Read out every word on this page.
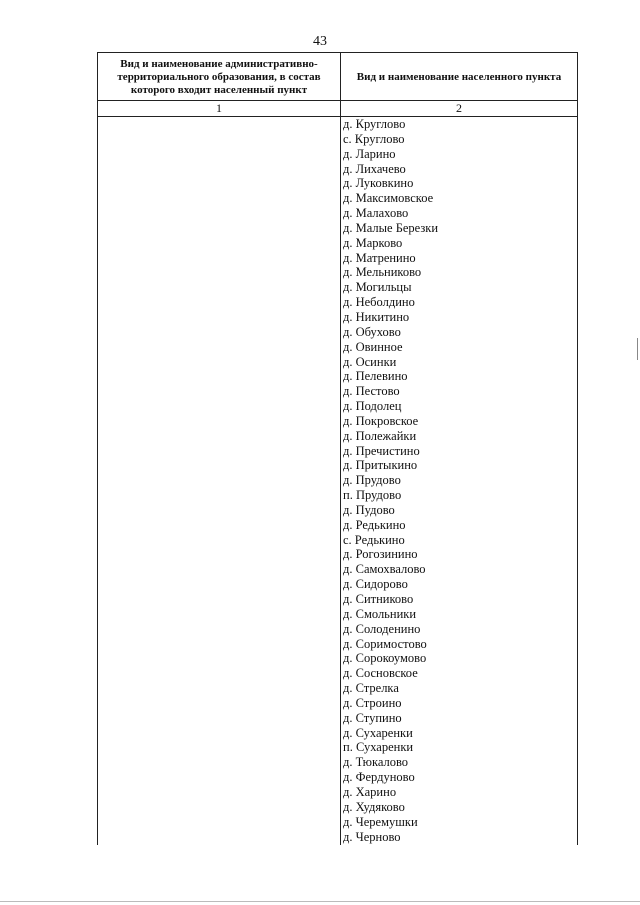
43
Вид и наименование административно-территориального образования, в состав которого входит населенный пункт
Вид и наименование населенного пункта
1	2
д. Круглово
с. Круглово
д. Ларино
д. Лихачево
д. Луковкино
д. Максимовское
д. Малахово
д. Малые Березки
д. Марково
д. Матренино
д. Мельниково
д. Могильцы
д. Неболдино
д. Никитино
д. Обухово
д. Овинное
д. Осинки
д. Пелевино
д. Пестово
д. Подолец
д. Покровское
д. Полежайки
д. Пречистино
д. Притыкино
д. Прудово
п. Прудово
д. Пудово
д. Редькино
с. Редькино
д. Рогозинино
д. Самохвалово
д. Сидорово
д. Ситниково
д. Смольники
д. Солоденино
д. Соримостово
д. Сорокоумово
д. Сосновское
д. Стрелка
д. Строино
д. Ступино
д. Сухаренки
п. Сухаренки
д. Тюкалово
д. Фердуново
д. Харино
д. Худяково
д. Черемушки
д. Черново
